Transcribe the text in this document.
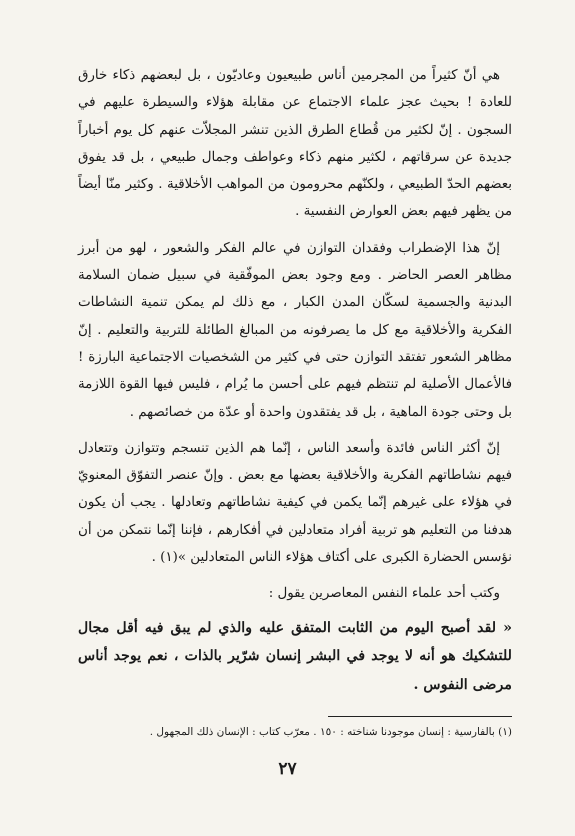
هي أنّ كثيراً من المجرمين أناس طبيعيون وعاديّون ، بل لبعضهم ذكاء خارق للعادة ! بحيث عجز علماء الاجتماع عن مقابلة هؤلاء والسيطرة عليهم في السجون . إنّ لكثير من قُطاع الطرق الذين تنشر المجلاّت عنهم كل يوم أخباراً جديدة عن سرقاتهم ، لكثير منهم ذكاء وعواطف وجمال طبيعي ، بل قد يفوق بعضهم الحدّ الطبيعي ، ولكنّهم محرومون من المواهب الأخلاقية . وكثير منّا أيضاً من يظهر فيهم بعض العوارض النفسية .

إنّ هذا الإضطراب وفقدان التوازن في عالم الفكر والشعور ، لهو من أبرز مظاهر العصر الحاضر . ومع وجود بعض الموفّقية في سبيل ضمان السلامة البدنية والجسمية لسكّان المدن الكبار ، مع ذلك لم يمكن تنمية النشاطات الفكرية والأخلاقية مع كل ما يصرفونه من المبالغ الطائلة للتربية والتعليم . إنّ مظاهر الشعور تفتقد التوازن حتى في كثير من الشخصيات الاجتماعية البارزة ! فالأعمال الأصلية لم تنتظم فيهم على أحسن ما يُرام ، فليس فيها القوة اللازمة بل وحتى جودة الماهية ، بل قد يفتقدون واحدة أو عدّة من خصائصهم .

إنّ أكثر الناس فائدة وأسعد الناس ، إنّما هم الذين تنسجم وتتوازن وتتعادل فيهم نشاطاتهم الفكرية والأخلاقية بعضها مع بعض . وإنّ عنصر التفوّق المعنويّ في هؤلاء على غيرهم إنّما يكمن في كيفية نشاطاتهم وتعادلها . يجب أن يكون هدفنا من التعليم هو تربية أفراد متعادلين في أفكارهم ، فإننا إنّما نتمكن من أن نؤسس الحضارة الكبرى على أكتاف هؤلاء الناس المتعادلين »(١) .

وكتب أحد علماء النفس المعاصرين يقول :

« لقد أصبح اليوم من الثابت المتفق عليه والذي لم يبق فيه أقل مجال للتشكيك هو أنه لا يوجد في البشر إنسان شرّير بالذات ، نعم يوجد أناس مرضى النفوس .

(١) بالفارسية : إنسان موجودنا شناخته : ١٥٠ . معرّب كتاب : الإنسان ذلك المجهول .
٢٧
